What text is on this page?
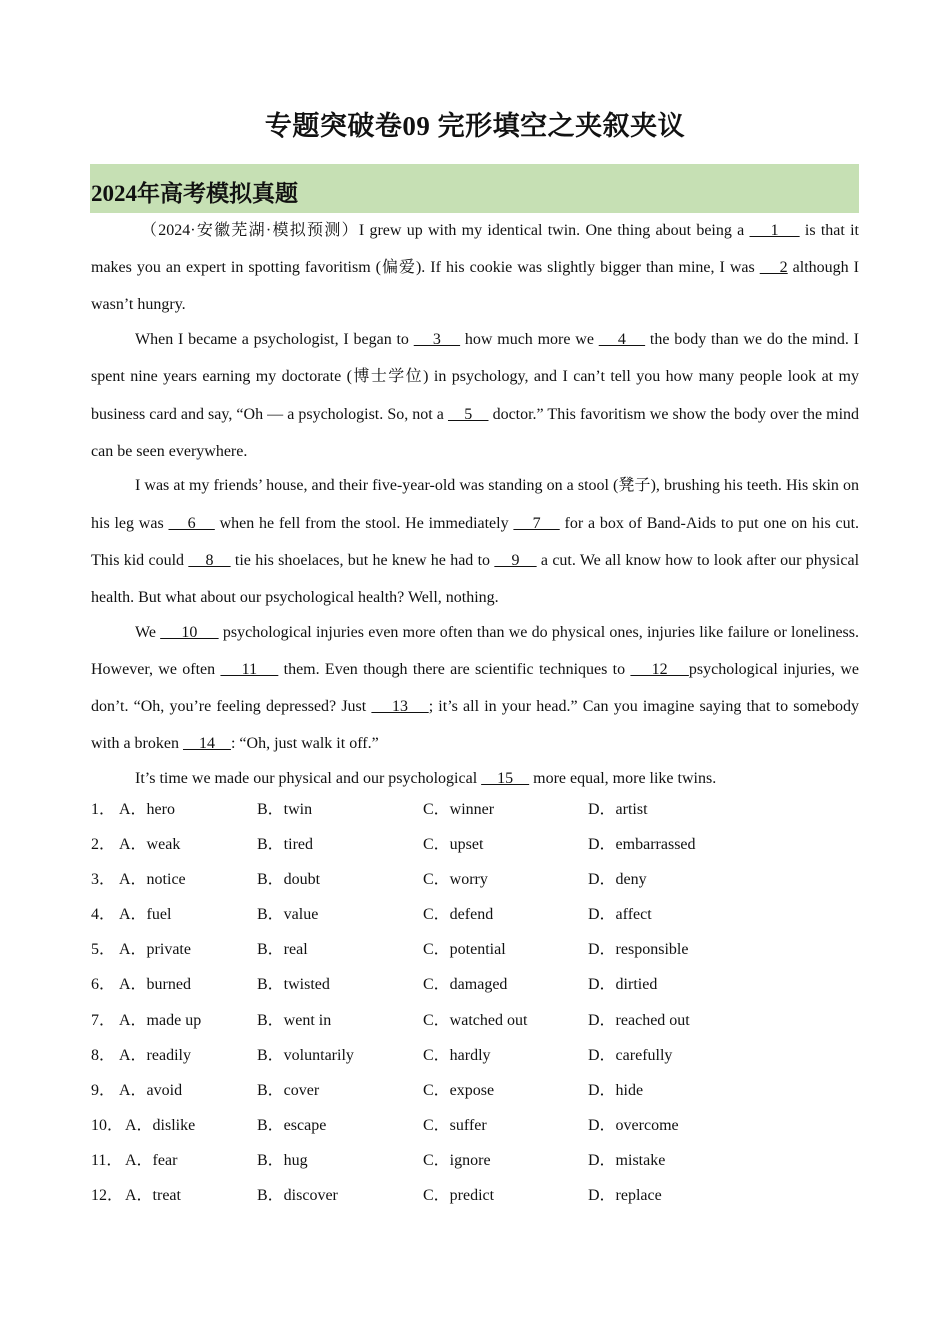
专题突破卷09 完形填空之夹叙夹议
2024年高考模拟真题

（2024·安徽芜湖·模拟预测）I grew up with my identical twin. One thing about being a     1     is that it makes you an expert in spotting favoritism (偏爱). If his cookie was slightly bigger than mine, I was     2 although I wasn’t hungry.

When I became a psychologist, I began to     3     how much more we     4     the body than we do the mind. I spent nine years earning my doctorate (博士学位) in psychology, and I can’t tell you how many people look at my business card and say, “Oh — a psychologist. So, not a     5     doctor.” This favoritism we show the body over the mind can be seen everywhere.

I was at my friends’ house, and their five-year-old was standing on a stool (凳子), brushing his teeth. His skin on his leg was     6     when he fell from the stool. He immediately     7     for a box of Band-Aids to put one on his cut. This kid could     8     tie his shoelaces, but he knew he had to     9     a cut. We all know how to look after our physical health. But what about our psychological health? Well, nothing.

We      10      psychological injuries even more often than we do physical ones, injuries like failure or loneliness. However, we often     11     them. Even though there are scientific techniques to     12    psychological injuries, we don’t. “Oh, you’re feeling depressed? Just     13    ; it’s all in your head.” Can you imagine saying that to somebody with a broken     14    : “Oh, just walk it off.”

It’s time we made our physical and our psychological     15     more equal, more like twins.

1． A．hero	B．twin	C．winner	D．artist
2． A．weak	B．tired	C．upset	D．embarrassed
3． A．notice	B．doubt	C．worry	D．deny
4． A．fuel	B．value	C．defend	D．affect
5． A．private	B．real	C．potential	D．responsible
6． A．burned	B．twisted	C．damaged	D．dirtied
7． A．made up	B．went in	C．watched out	D．reached out
8． A．readily	B．voluntarily	C．hardly	D．carefully
9． A．avoid	B．cover	C．expose	D．hide
10． A．dislike	B．escape	C．suffer	D．overcome
11． A．fear	B．hug	C．ignore	D．mistake
12． A．treat	B．discover	C．predict	D．replace
